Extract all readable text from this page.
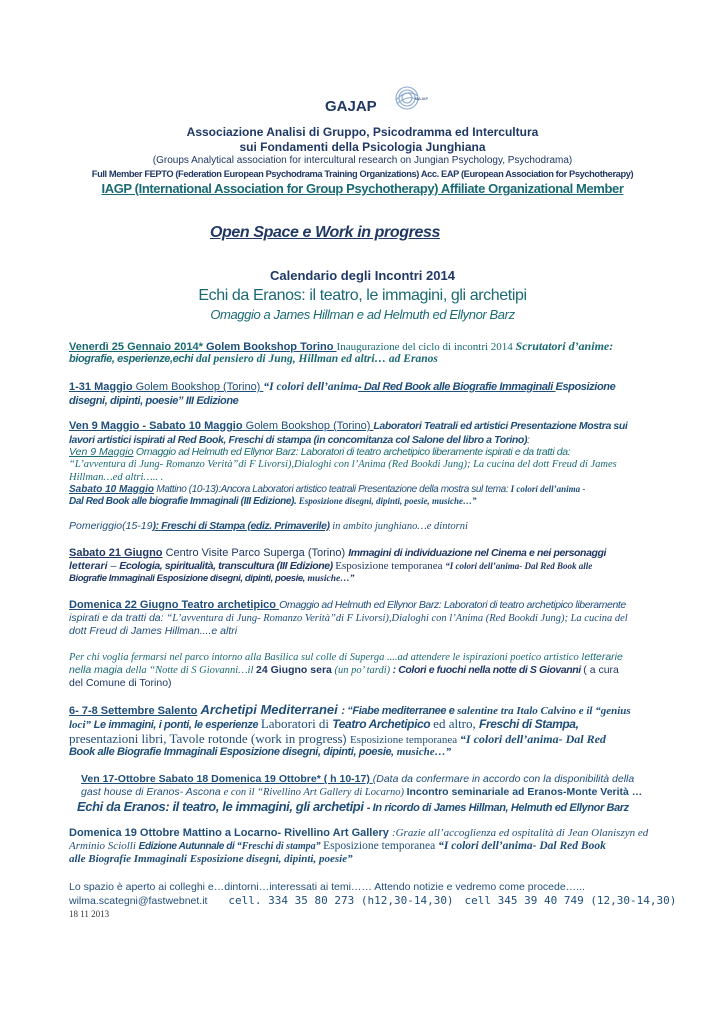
GAJAP	GAJAP
Associazione Analisi di Gruppo, Psicodramma ed Intercultura
sui Fondamenti della Psicologia Junghiana
(Groups Analytical association for intercultural research on Jungian Psychology, Psychodrama)
Full Member FEPTO (Federation European Psychodrama Training Organizations) Acc. EAP (European Association for Psychotherapy)
IAGP (International Association for Group Psychotherapy) Affiliate Organizational Member
Open Space e Work in progress
Calendario degli Incontri 2014
Echi da Eranos: il teatro, le immagini, gli archetipi
Omaggio a James Hillman e ad Helmuth ed Ellynor Barz

Venerdì 25 Gennaio 2014* Golem Bookshop Torino Inaugurazione del ciclo di incontri 2014 Scrutatori d’anime:

biografie, esperienze,echi dal pensiero di Jung, Hillman ed altri… ad Eranos

1-31 Maggio Golem Bookshop (Torino) “I colori dell’anima- Dal Red Book alle Biografie Immaginali Esposizione

disegni, dipinti, poesie” III Edizione

Ven 9 Maggio - Sabato 10 Maggio Golem Bookshop (Torino) Laboratori Teatrali ed artistici Presentazione Mostra sui

lavori artistici ispirati al Red Book, Freschi di stampa (in concomitanza col Salone del libro a Torino):

Ven 9 Maggio Omaggio ad Helmuth ed Ellynor Barz: Laboratori di teatro archetipico liberamente ispirati e da tratti da:

“L’avventura di Jung- Romanzo Verità”di F Livorsi),Dialoghi con l’Anima (Red Bookdi Jung); La cucina del dott Freud di James

Hillman…ed altri….. .

Sabato 10 Maggio Mattino (10-13):Ancora Laboratori artistico teatrali Presentazione della mostra sul tema: I colori dell’anima -

Dal Red Book alle biografie Immaginali (III Edizione). Esposizione disegni, dipinti, poesie, musiche…”

Pomeriggio(15-19): Freschi di Stampa (ediz. Primaverile) in ambito junghiano…e dintorni

Sabato 21 Giugno Centro Visite Parco Superga (Torino) Immagini di individuazione nel Cinema e nei personaggi

letterari – Ecologia, spiritualità, transcultura (III Edizione) Esposizione temporanea “I colori dell’anima- Dal Red Book alle

Biografie Immaginali Esposizione disegni, dipinti, poesie, musiche…”

Domenica 22 Giugno Teatro archetipico Omaggio ad Helmuth ed Ellynor Barz: Laboratori di teatro archetipico liberamente

ispirati e da tratti da: “L’avventura di Jung- Romanzo Verità”di F Livorsi),Dialoghi con l’Anima (Red Bookdi Jung); La cucina del

dott Freud di James Hillman....e altri

Per chi voglia fermarsi nel parco intorno alla Basilica sul colle di Superga ....ad attendere le ispirazioni poetico artistico letterarie

nella magia della “Notte di S Giovanni…il 24 Giugno sera (un po’ tardi) : Colori e fuochi nella notte di S Giovanni ( a cura

del Comune di Torino)

6- 7-8 Settembre Salento Archetipi Mediterranei : “Fiabe mediterranee e salentine tra Italo Calvino e il “genius

loci” Le immagini, i ponti, le esperienze Laboratori di Teatro Archetipico ed altro, Freschi di Stampa,

presentazioni libri, Tavole rotonde (work in progress) Esposizione temporanea “I colori dell’anima- Dal Red

Book alle Biografie Immaginali Esposizione disegni, dipinti, poesie, musiche…”

Ven 17-Ottobre Sabato 18 Domenica 19 Ottobre* ( h 10-17) (Data da confermare in accordo con la disponibilità della

gast house di Eranos- Ascona e con il “Rivellino Art Gallery di Locarno) Incontro seminariale ad Eranos-Monte Verità …

Echi da Eranos: il teatro, le immagini, gli archetipi - In ricordo di James Hillman, Helmuth ed Ellynor Barz

Domenica 19 Ottobre Mattino a Locarno- Rivellino Art Gallery :Grazie all’accoglienza ed ospitalità di Jean Olaniszyn ed

Arminio Sciolli Edizione Autunnale di “Freschi di stampa” Esposizione temporanea “I colori dell’anima- Dal Red Book

alle Biografie Immaginali Esposizione disegni, dipinti, poesie”

Lo spazio è aperto ai colleghi e…dintorni…interessati ai temi…… Attendo notizie e vedremo come procede…...

wilma.scategni@fastwebnet.it cell. 334 35 80 273 (h12,30-14,30) cell 345 39 40 749 (12,30-14,30)

18 11 2013
